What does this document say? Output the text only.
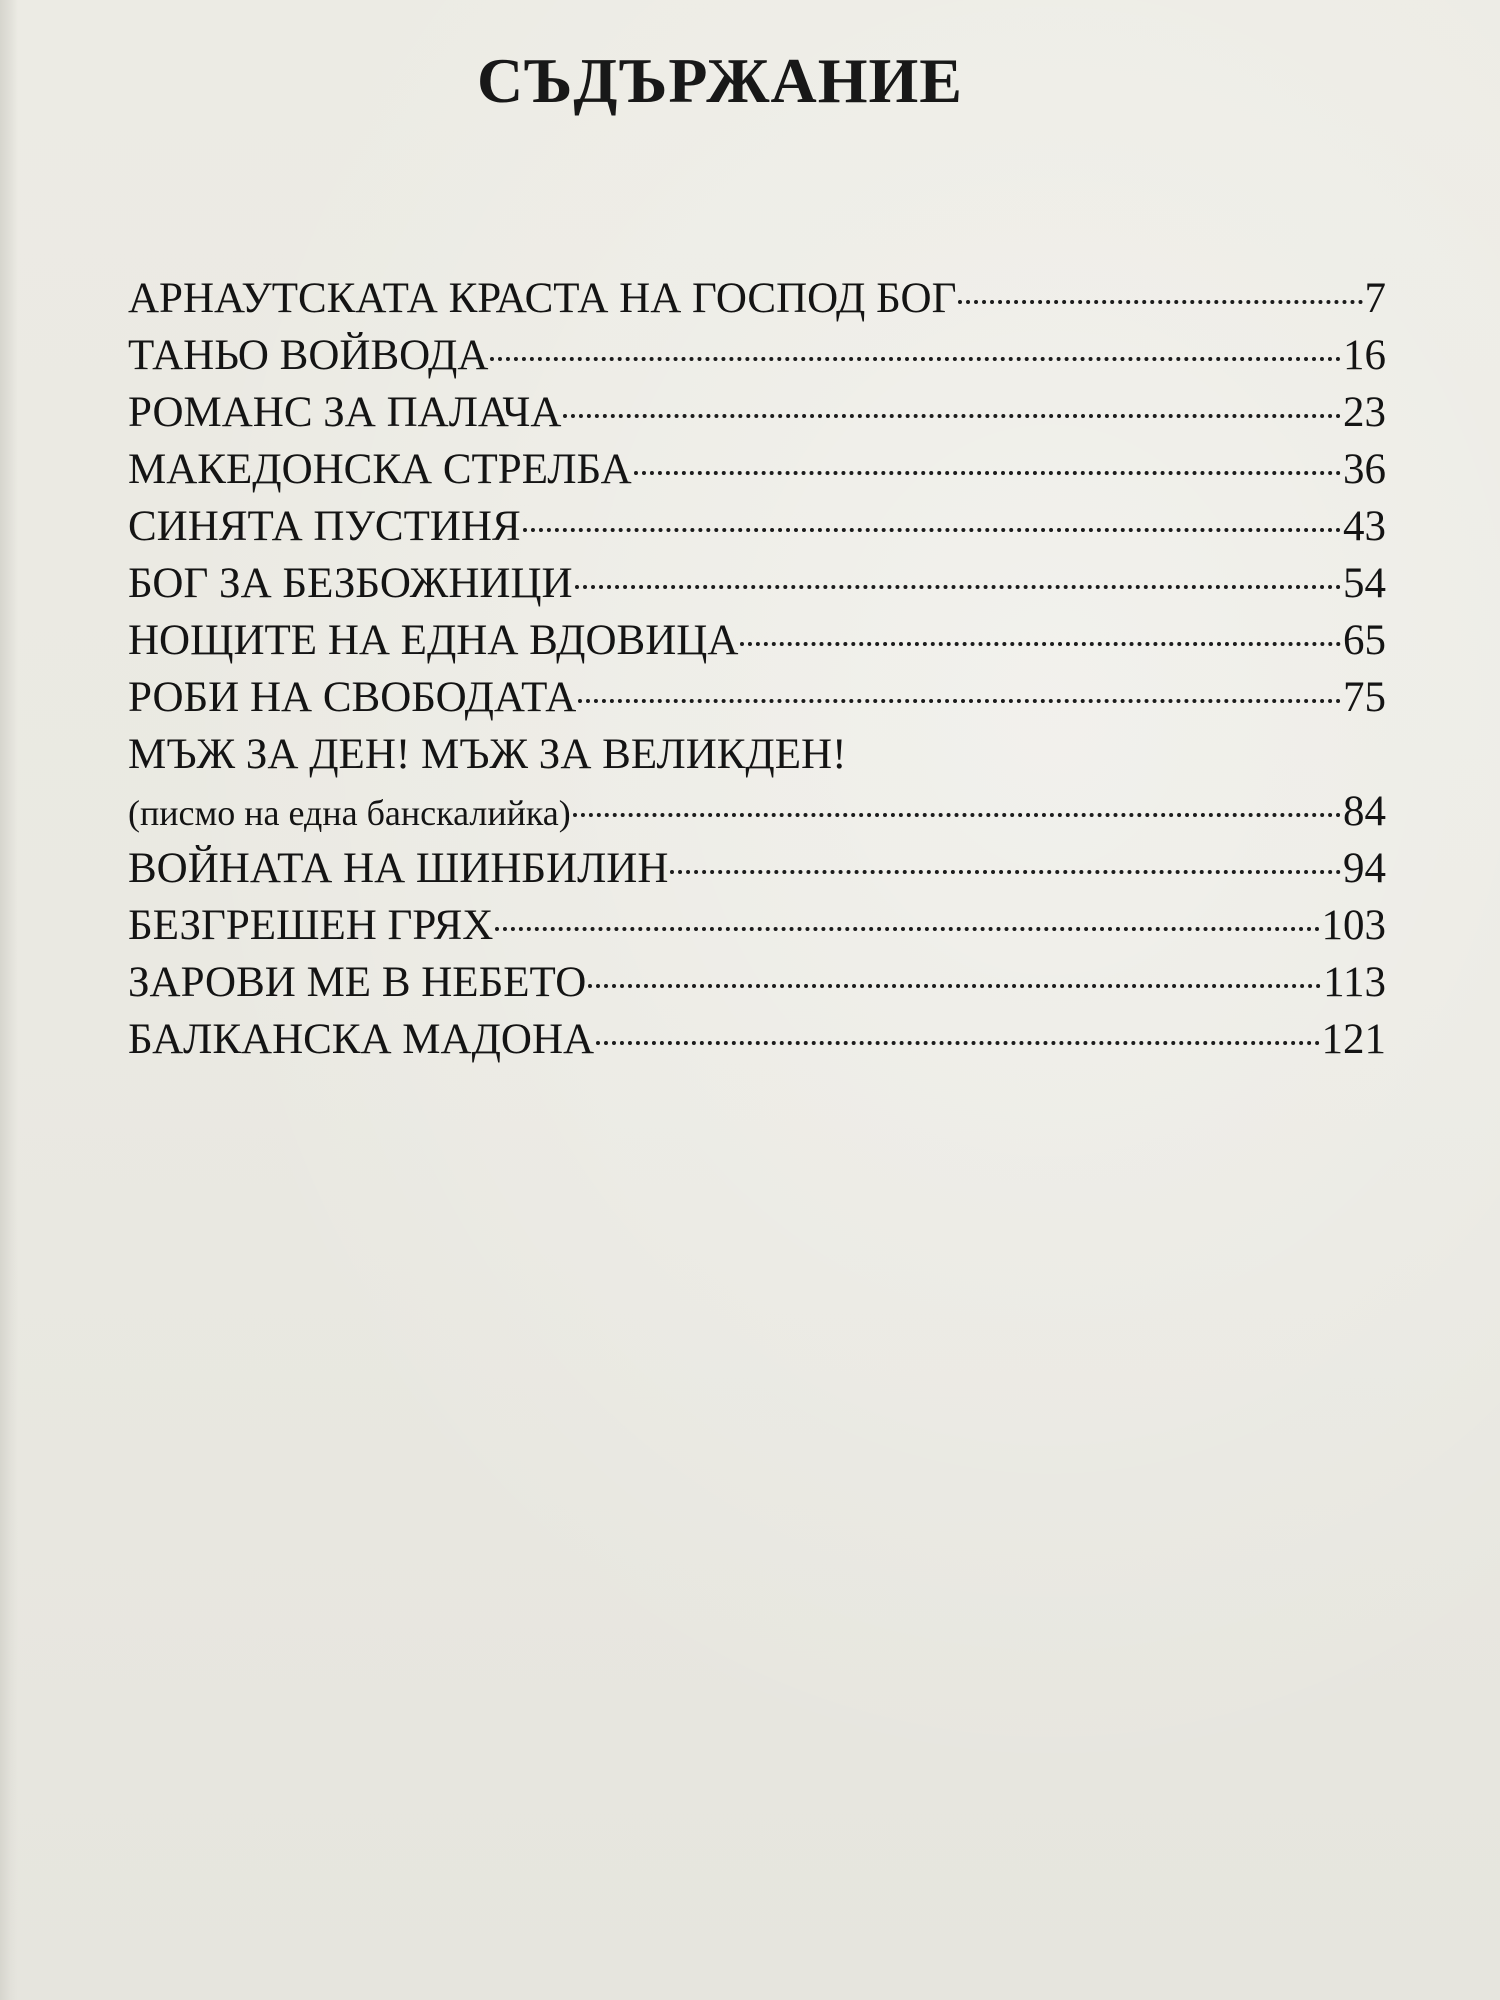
СЪДЪРЖАНИЕ
АРНАУТСКАТА КРАСТА НА ГОСПОД БОГ	7
ТАНЬО ВОЙВОДА	16
РОМАНС ЗА ПАЛАЧА	23
МАКЕДОНСКА СТРЕЛБА	36
СИНЯТА ПУСТИНЯ	43
БОГ ЗА БЕЗБОЖНИЦИ	54
НОЩИТЕ НА ЕДНА ВДОВИЦА	65
РОБИ НА СВОБОДАТА	75
МЪЖ ЗА ДЕН! МЪЖ ЗА ВЕЛИКДЕН!
(писмо на една банскалийка)	84
ВОЙНАТА НА ШИНБИЛИН	94
БЕЗГРЕШЕН ГРЯХ	103
ЗАРОВИ МЕ В НЕБЕТО	113
БАЛКАНСКА МАДОНА	121
